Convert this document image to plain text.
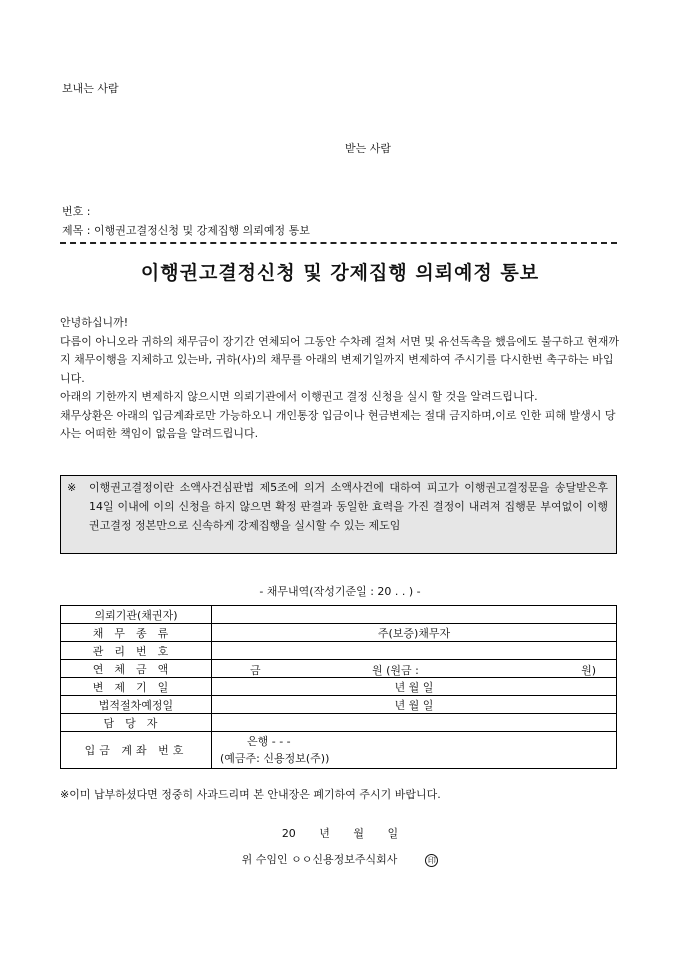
보내는 사람
받는 사람
번호 :
제목 : 이행권고결정신청 및 강제집행 의뢰예정 통보
이행권고결정신청 및 강제집행 의뢰예정 통보

안녕하십니까!

다름이 아니오라 귀하의 채무금이 장기간 연체되어 그동안 수차례 걸쳐 서면 및 유선독촉을 했음에도 불구하고 현재까지 채무이행을 지체하고 있는바, 귀하(사)의 채무를 아래의 변제기일까지 변제하여 주시기를 다시한번 촉구하는 바입니다.

아래의 기한까지 변제하지 않으시면 의뢰기관에서 이행권고 결정 신청을 실시 할 것을 알려드립니다.

채무상환은 아래의 입금계좌로만 가능하오니 개인통장 입금이나 현금변제는 절대 금지하며,이로 인한 피해 발생시 당사는 어떠한 책임이 없음을 알려드립니다.

※ 이행권고결정이란 소액사건심판법 제5조에 의거 소액사건에 대하여 피고가 이행권고결정문을 송달받은후 14일 이내에 이의 신청을 하지 않으면 확정 판결과 동일한 효력을 가진 결정이 내려져 집행문 부여없이 이행권고결정 정본만으로 신속하게 강제집행을 실시할 수 있는 제도임
- 채무내역(작성기준일 : 20 . . ) -
의뢰기관(채권자)	
채무종류	주(보증)채무자

관리번호	
연체금액	금 원 (원금 : 원)

변제기일	년 월 일

법적절차예정일	년 월 일

담당자	
입금 계좌 번호	은행 - - -
(예금주: 신용정보(주))
※이미 납부하셨다면 정중히 사과드리며 본 안내장은 폐기하여 주시기 바랍니다.
20 년 월 일
위 수임인 ㅇㅇ신용정보주식회사	印
